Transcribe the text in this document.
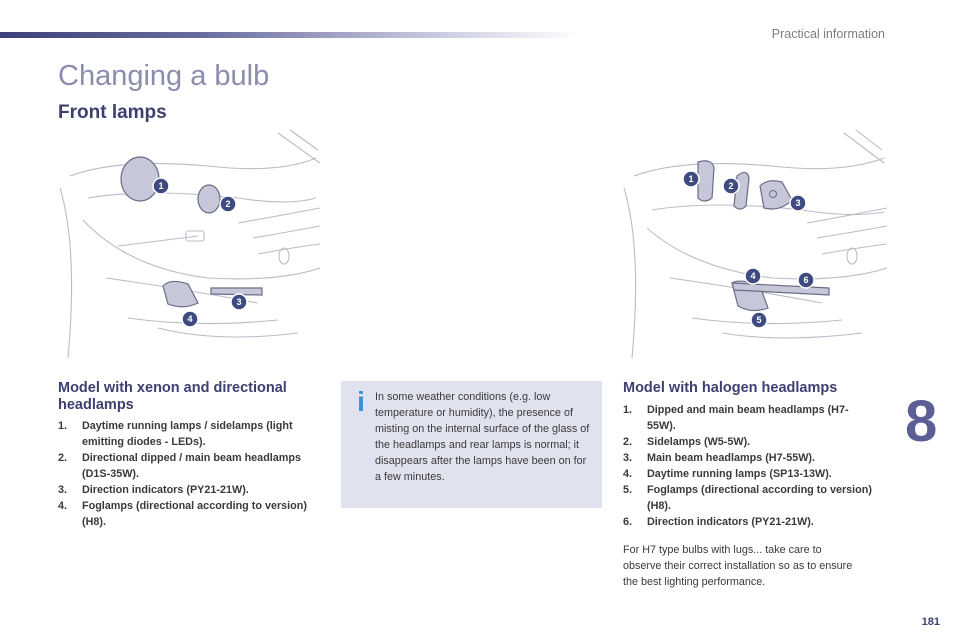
Practical information
Changing a bulb
Front lamps
1
2
3
4
1
2
3
4
5
6
Model with xenon and directional headlamps
1. Daytime running lamps / sidelamps (light emitting diodes - LEDs).
2. Directional dipped / main beam headlamps (D1S-35W).
3. Direction indicators (PY21-21W).
4. Foglamps (directional according to version) (H8).
i In some weather conditions (e.g. low temperature or humidity), the presence of misting on the internal surface of the glass of the headlamps and rear lamps is normal; it disappears after the lamps have been on for a few minutes.

Model with halogen headlamps
1. Dipped and main beam headlamps (H7-55W).
2. Sidelamps (W5-5W).
3. Main beam headlamps (H7-55W).
4. Daytime running lamps (SP13-13W).
5. Foglamps (directional according to version) (H8).
6. Direction indicators (PY21-21W).

For H7 type bulbs with lugs... take care to observe their correct installation so as to ensure the best lighting performance.

8
181
